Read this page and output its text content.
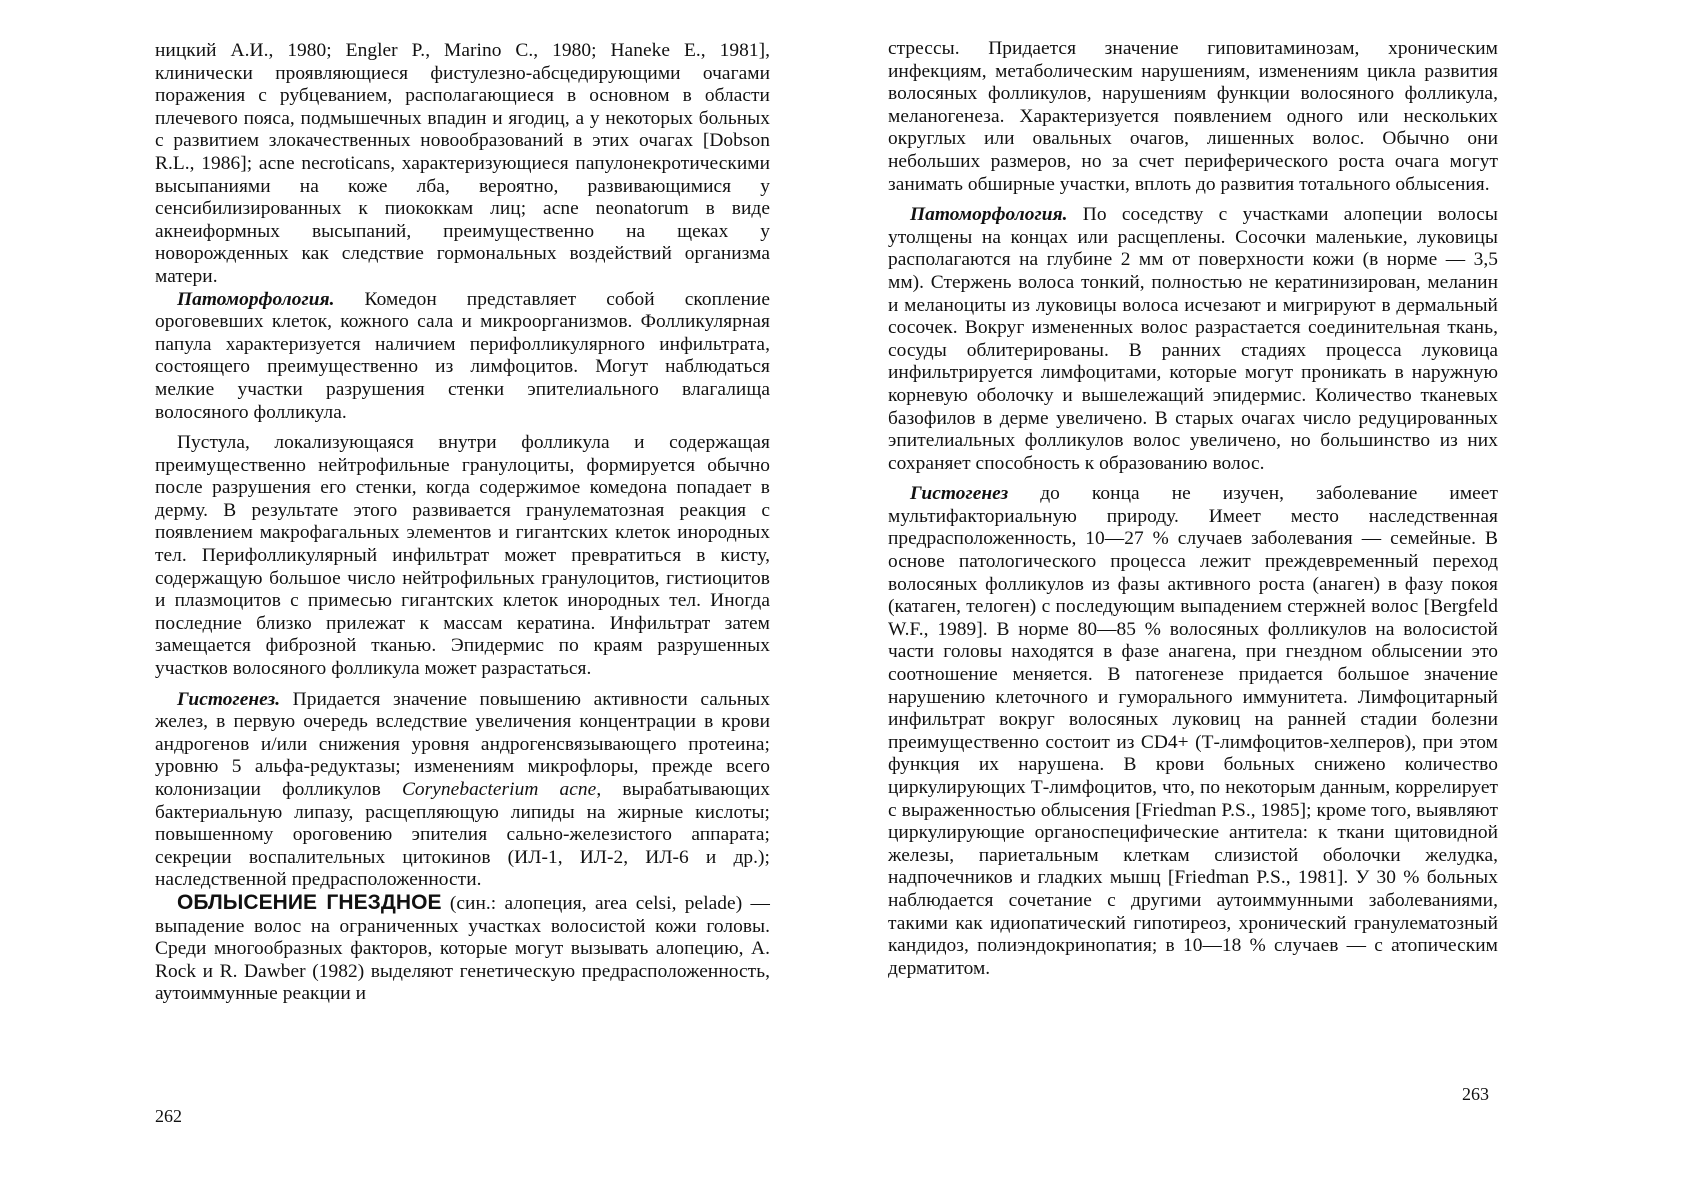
ницкий А.И., 1980; Engler P., Marino C., 1980; Haneke E., 1981], клинически проявляющиеся фистулезно-абсцедирующими очагами поражения с рубцеванием, располагающиеся в основном в области плечевого пояса, подмышечных впадин и ягодиц, а у некоторых больных с развитием злокачественных новообразований в этих очагах [Dobson R.L., 1986]; acne necroticans, характеризующиеся папулонекротическими высыпаниями на коже лба, вероятно, развивающимися у сенсибилизированных к пиококкам лиц; acne neonatorum в виде акнеиформных высыпаний, преимущественно на щеках у новорожденных как следствие гормональных воздействий организма матери.

Патоморфология. Комедон представляет собой скопление ороговевших клеток, кожного сала и микроорганизмов. Фолликулярная папула характеризуется наличием перифолликулярного инфильтрата, состоящего преимущественно из лимфоцитов. Могут наблюдаться мелкие участки разрушения стенки эпителиального влагалища волосяного фолликула.

Пустула, локализующаяся внутри фолликула и содержащая преимущественно нейтрофильные гранулоциты, формируется обычно после разрушения его стенки, когда содержимое комедона попадает в дерму. В результате этого развивается гранулематозная реакция с появлением макрофагальных элементов и гигантских клеток инородных тел. Перифолликулярный инфильтрат может превратиться в кисту, содержащую большое число нейтрофильных гранулоцитов, гистиоцитов и плазмоцитов с примесью гигантских клеток инородных тел. Иногда последние близко прилежат к массам кератина. Инфильтрат затем замещается фиброзной тканью. Эпидермис по краям разрушенных участков волосяного фолликула может разрастаться.

Гистогенез. Придается значение повышению активности сальных желез, в первую очередь вследствие увеличения концентрации в крови андрогенов и/или снижения уровня андрогенсвязывающего протеина; уровню 5 альфа-редуктазы; изменениям микрофлоры, прежде всего колонизации фолликулов Corynebacterium acne, вырабатывающих бактериальную липазу, расщепляющую липиды на жирные кислоты; повышенному ороговению эпителия сально-железистого аппарата; секреции воспалительных цитокинов (ИЛ-1, ИЛ-2, ИЛ-6 и др.); наследственной предрасположенности.

ОБЛЫСЕНИЕ ГНЕЗДНОЕ (син.: алопеция, area celsi, pelade) — выпадение волос на ограниченных участках волосистой кожи головы. Среди многообразных факторов, которые могут вызывать алопецию, A. Rock и R. Dawber (1982) выделяют генетическую предрасположенность, аутоиммунные реакции и

262

стрессы. Придается значение гиповитаминозам, хроническим инфекциям, метаболическим нарушениям, изменениям цикла развития волосяных фолликулов, нарушениям функции волосяного фолликула, меланогенеза. Характеризуется появлением одного или нескольких округлых или овальных очагов, лишенных волос. Обычно они небольших размеров, но за счет периферического роста очага могут занимать обширные участки, вплоть до развития тотального облысения.

Патоморфология. По соседству с участками алопеции волосы утолщены на концах или расщеплены. Сосочки маленькие, луковицы располагаются на глубине 2 мм от поверхности кожи (в норме — 3,5 мм). Стержень волоса тонкий, полностью не кератинизирован, меланин и меланоциты из луковицы волоса исчезают и мигрируют в дермальный сосочек. Вокруг измененных волос разрастается соединительная ткань, сосуды облитерированы. В ранних стадиях процесса луковица инфильтрируется лимфоцитами, которые могут проникать в наружную корневую оболочку и вышележащий эпидермис. Количество тканевых базофилов в дерме увеличено. В старых очагах число редуцированных эпителиальных фолликулов волос увеличено, но большинство из них сохраняет способность к образованию волос.

Гистогенез до конца не изучен, заболевание имеет мультифакториальную природу. Имеет место наследственная предрасположенность, 10—27 % случаев заболевания — семейные. В основе патологического процесса лежит преждевременный переход волосяных фолликулов из фазы активного роста (анаген) в фазу покоя (катаген, телоген) с последующим выпадением стержней волос [Bergfeld W.F., 1989]. В норме 80—85 % волосяных фолликулов на волосистой части головы находятся в фазе анагена, при гнездном облысении это соотношение меняется. В патогенезе придается большое значение нарушению клеточного и гуморального иммунитета. Лимфоцитарный инфильтрат вокруг волосяных луковиц на ранней стадии болезни преимущественно состоит из CD4+ (Т-лимфоцитов-хелперов), при этом функция их нарушена. В крови больных снижено количество циркулирующих Т-лимфоцитов, что, по некоторым данным, коррелирует с выраженностью облысения [Friedman P.S., 1985]; кроме того, выявляют циркулирующие органоспецифические антитела: к ткани щитовидной железы, париетальным клеткам слизистой оболочки желудка, надпочечников и гладких мышц [Friedman P.S., 1981]. У 30 % больных наблюдается сочетание с другими аутоиммунными заболеваниями, такими как идиопатический гипотиреоз, хронический гранулематозный кандидоз, полиэндокринопатия; в 10—18 % случаев — с атопическим дерматитом.

263
